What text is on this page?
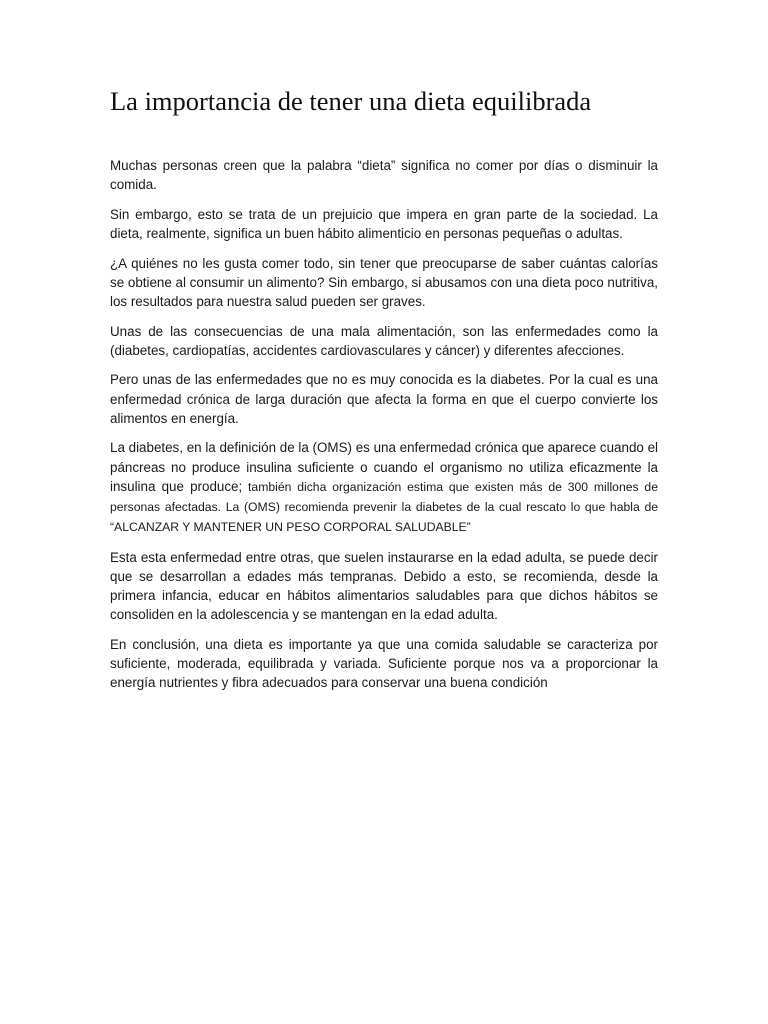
La importancia de tener una dieta equilibrada

Muchas personas creen que la palabra “dieta” significa no comer por días o disminuir la comida.

Sin embargo, esto se trata de un prejuicio que impera en gran parte de la sociedad. La dieta, realmente, significa un buen hábito alimenticio en personas pequeñas o adultas.

¿A quiénes no les gusta comer todo, sin tener que preocuparse de saber cuántas calorías se obtiene al consumir un alimento? Sin embargo, si abusamos con una dieta poco nutritiva, los resultados para nuestra salud pueden ser graves.

Unas de las consecuencias de una mala alimentación, son las enfermedades como la (diabetes, cardiopatías, accidentes cardiovasculares y cáncer) y diferentes afecciones.

Pero unas de las enfermedades que no es muy conocida es la diabetes. Por la cual es una enfermedad crónica de larga duración que afecta la forma en que el cuerpo convierte los alimentos en energía.

La diabetes, en la definición de la (OMS) es una enfermedad crónica que aparece cuando el páncreas no produce insulina suficiente o cuando el organismo no utiliza eficazmente la insulina que produce; también dicha organización estima que existen más de 300 millones de personas afectadas. La (OMS) recomienda prevenir la diabetes de la cual rescato lo que habla de “ALCANZAR Y MANTENER UN PESO CORPORAL SALUDABLE”

Esta esta enfermedad entre otras, que suelen instaurarse en la edad adulta, se puede decir que se desarrollan a edades más tempranas. Debido a esto, se recomienda, desde la primera infancia, educar en hábitos alimentarios saludables para que dichos hábitos se consoliden en la adolescencia y se mantengan en la edad adulta.

En conclusión, una dieta es importante ya que una comida saludable se caracteriza por suficiente, moderada, equilibrada y variada. Suficiente porque nos va a proporcionar la energía nutrientes y fibra adecuados para conservar una buena condición
